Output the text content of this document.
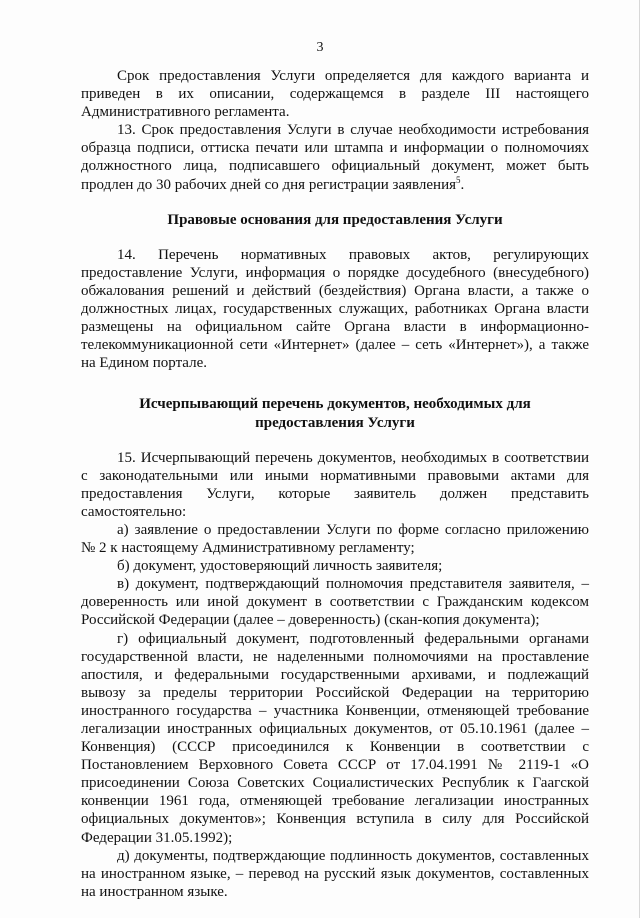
3

Срок предоставления Услуги определяется для каждого варианта и приведен в их описании, содержащемся в разделе III настоящего Административного регламента.

13. Срок предоставления Услуги в случае необходимости истребования образца подписи, оттиска печати или штампа и информации о полномочиях должностного лица, подписавшего официальный документ, может быть продлен до 30 рабочих дней со дня регистрации заявления$^5$.

Правовые основания для предоставления Услуги

14. Перечень нормативных правовых актов, регулирующих предоставление Услуги, информация о порядке досудебного (внесудебного) обжалования решений и действий (бездействия) Органа власти, а также о должностных лицах, государственных служащих, работниках Органа власти размещены на официальном сайте Органа власти в информационно-телекоммуникационной сети «Интернет» (далее – сеть «Интернет»), а также на Едином портале.

Исчерпывающий перечень документов, необходимых для
предоставления Услуги

15. Исчерпывающий перечень документов, необходимых в соответствии с законодательными или иными нормативными правовыми актами для предоставления Услуги, которые заявитель должен представить самостоятельно:

а) заявление о предоставлении Услуги по форме согласно приложению № 2 к настоящему Административному регламенту;

б) документ, удостоверяющий личность заявителя;

в) документ, подтверждающий полномочия представителя заявителя, – доверенность или иной документ в соответствии с Гражданским кодексом Российской Федерации (далее – доверенность) (скан-копия документа);

г) официальный документ, подготовленный федеральными органами государственной власти, не наделенными полномочиями на проставление апостиля, и федеральными государственными архивами, и подлежащий вывозу за пределы территории Российской Федерации на территорию иностранного государства – участника Конвенции, отменяющей требование легализации иностранных официальных документов, от 05.10.1961 (далее – Конвенция) (СССР присоединился к Конвенции в соответствии с Постановлением Верховного Совета СССР от 17.04.1991 № 2119-1 «О присоединении Союза Советских Социалистических Республик к Гаагской конвенции 1961 года, отменяющей требование легализации иностранных официальных документов»; Конвенция вступила в силу для Российской Федерации 31.05.1992);

д) документы, подтверждающие подлинность документов, составленных на иностранном языке, – перевод на русский язык документов, составленных на иностранном языке.
